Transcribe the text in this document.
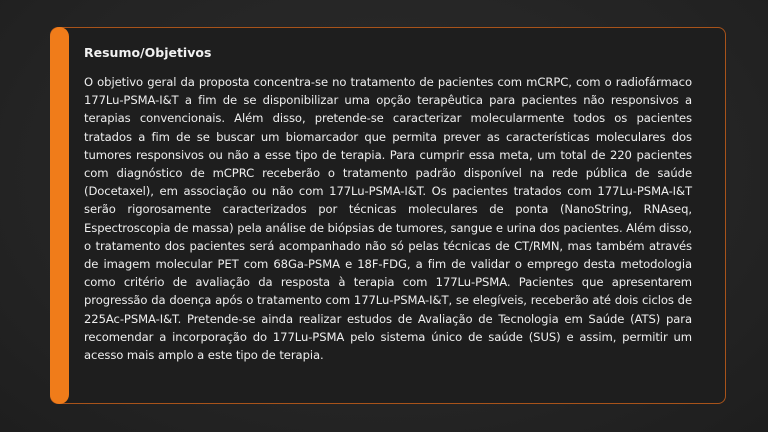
Resumo/Objetivos

O objetivo geral da proposta concentra-se no tratamento de pacientes com mCRPC, com o radiofármaco 177Lu-PSMA-I&T a fim de se disponibilizar uma opção terapêutica para pacientes não responsivos a terapias convencionais. Além disso, pretende-se caracterizar molecularmente todos os pacientes tratados a fim de se buscar um biomarcador que permita prever as características moleculares dos tumores responsivos ou não a esse tipo de terapia. Para cumprir essa meta, um total de 220 pacientes com diagnóstico de mCPRC receberão o tratamento padrão disponível na rede pública de saúde (Docetaxel), em associação ou não com 177Lu-PSMA-I&T. Os pacientes tratados com 177Lu-PSMA-I&T serão rigorosamente caracterizados por técnicas moleculares de ponta (NanoString, RNAseq, Espectroscopia de massa) pela análise de biópsias de tumores, sangue e urina dos pacientes. Além disso, o tratamento dos pacientes será acompanhado não só pelas técnicas de CT/RMN, mas também através de imagem molecular PET com 68Ga-PSMA e 18F-FDG, a fim de validar o emprego desta metodologia como critério de avaliação da resposta à terapia com 177Lu-PSMA. Pacientes que apresentarem progressão da doença após o tratamento com 177Lu-PSMA-I&T, se elegíveis, receberão até dois ciclos de 225Ac-PSMA-I&T. Pretende-se ainda realizar estudos de Avaliação de Tecnologia em Saúde (ATS) para recomendar a incorporação do 177Lu-PSMA pelo sistema único de saúde (SUS) e assim, permitir um acesso mais amplo a este tipo de terapia.
